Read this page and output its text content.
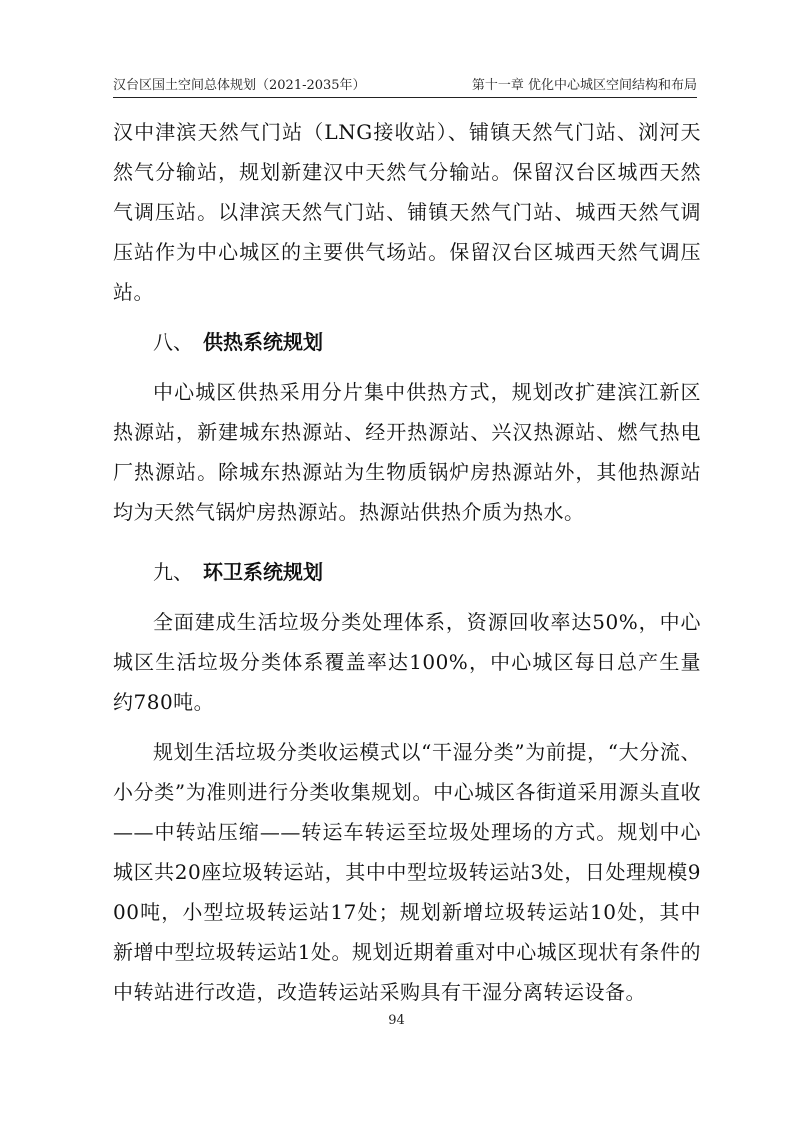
汉台区国土空间总体规划（2021-2035年）	第十一章 优化中心城区空间结构和布局

汉中津滨天然气门站（LNG接收站）、铺镇天然气门站、浏河天然气分输站，规划新建汉中天然气分输站。保留汉台区城西天然气调压站。以津滨天然气门站、铺镇天然气门站、城西天然气调压站作为中心城区的主要供气场站。保留汉台区城西天然气调压站。

八、 供热系统规划

中心城区供热采用分片集中供热方式，规划改扩建滨江新区热源站，新建城东热源站、经开热源站、兴汉热源站、燃气热电厂热源站。除城东热源站为生物质锅炉房热源站外，其他热源站均为天然气锅炉房热源站。热源站供热介质为热水。

九、 环卫系统规划

全面建成生活垃圾分类处理体系，资源回收率达50%，中心城区生活垃圾分类体系覆盖率达100%，中心城区每日总产生量约780吨。

规划生活垃圾分类收运模式以“干湿分类”为前提，“大分流、小分类”为准则进行分类收集规划。中心城区各街道采用源头直收——中转站压缩——转运车转运至垃圾处理场的方式。规划中心城区共20座垃圾转运站，其中中型垃圾转运站3处，日处理规模900吨，小型垃圾转运站17处；规划新增垃圾转运站10处，其中新增中型垃圾转运站1处。规划近期着重对中心城区现状有条件的中转站进行改造，改造转运站采购具有干湿分离转运设备。

94
